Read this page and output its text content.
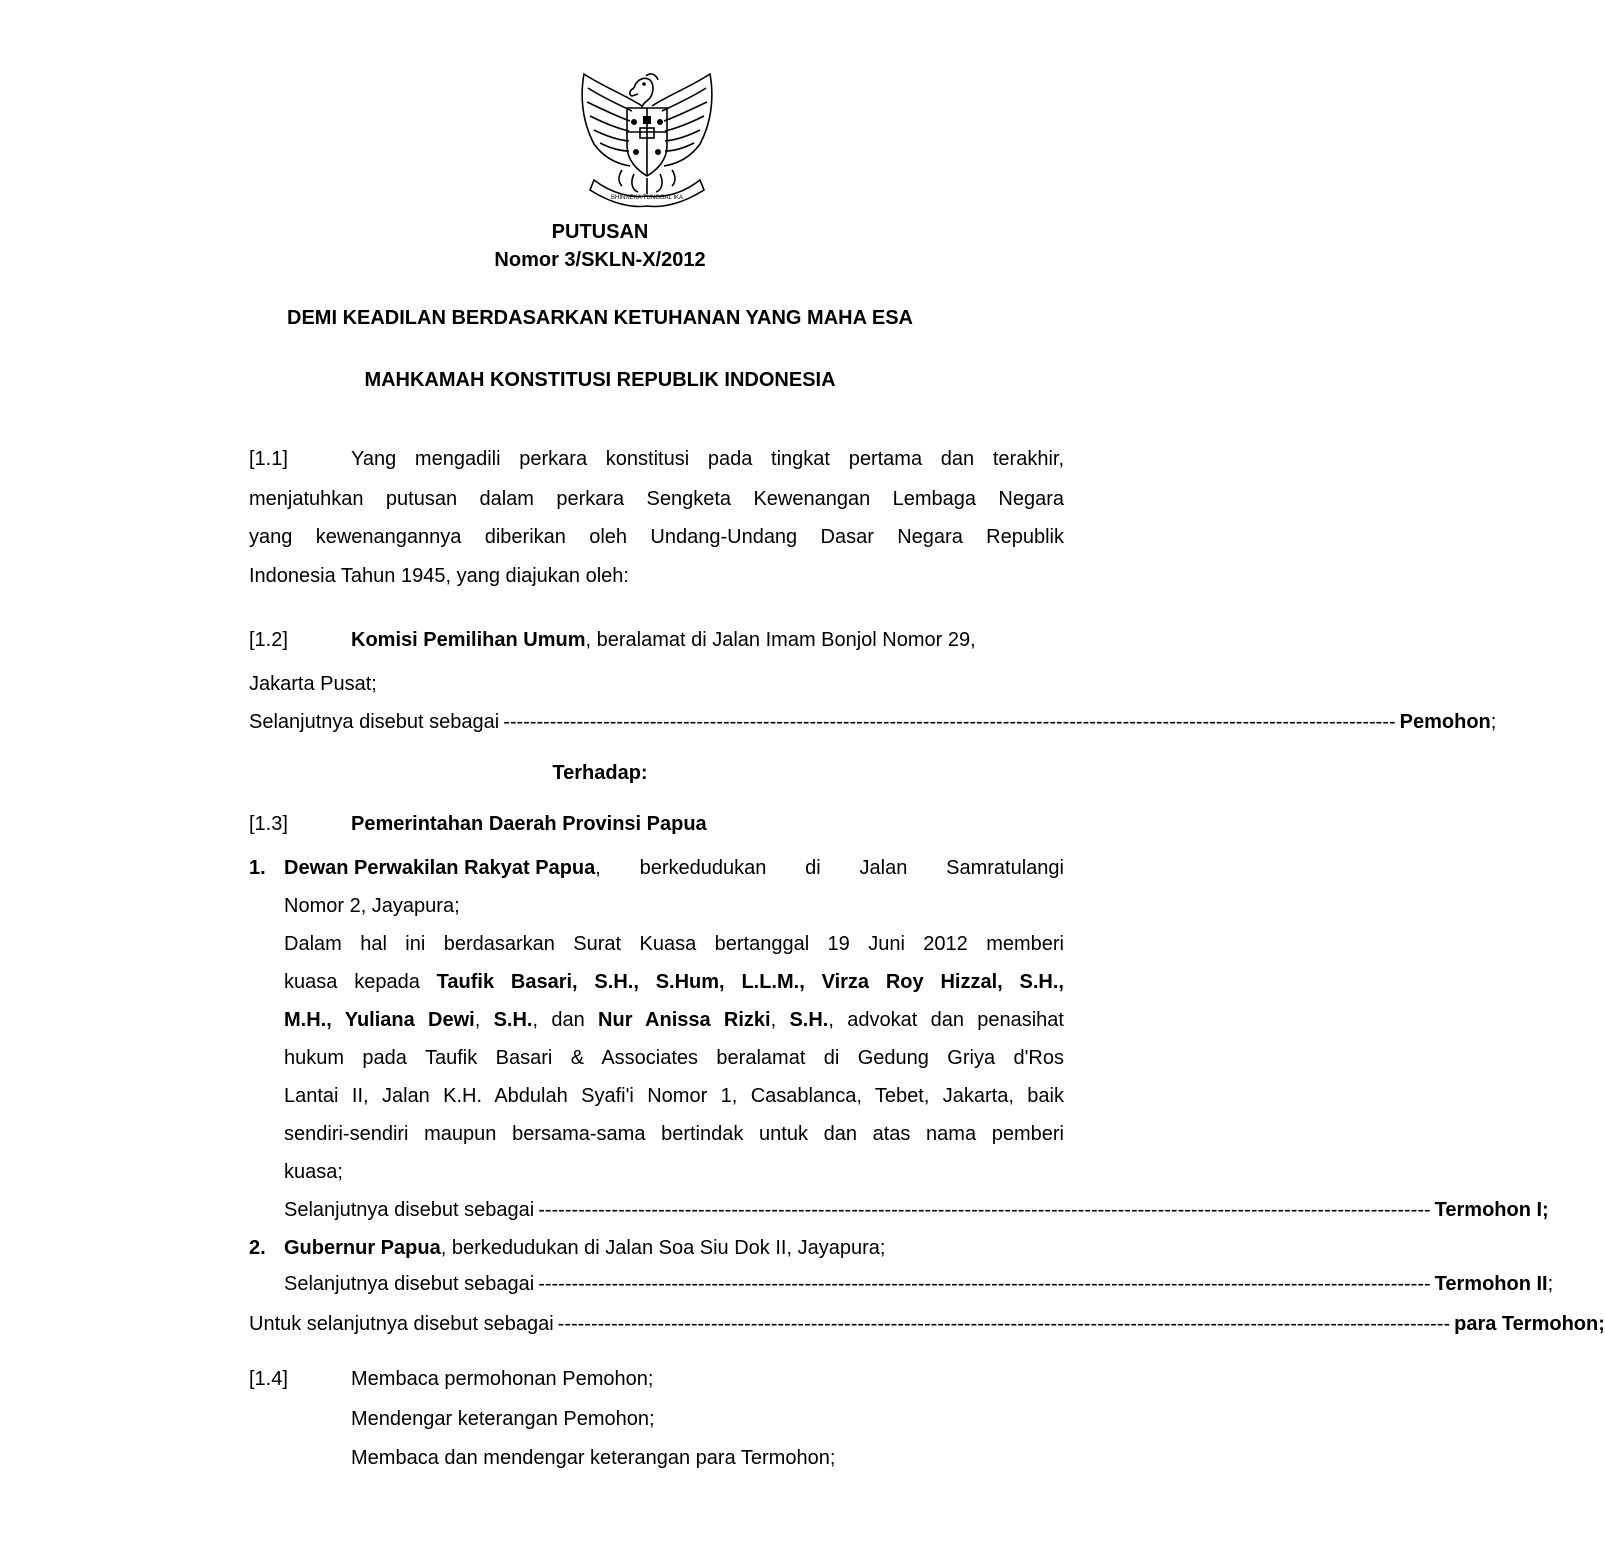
BHINNEKA TUNGGAL IKA
PUTUSAN
Nomor 3/SKLN-X/2012
DEMI KEADILAN BERDASARKAN KETUHANAN YANG MAHA ESA
MAHKAMAH KONSTITUSI REPUBLIK INDONESIA
[1.1]	Yang mengadili perkara konstitusi pada tingkat pertama dan terakhir,
menjatuhkan putusan dalam perkara Sengketa Kewenangan Lembaga Negara
yang kewenangannya diberikan oleh Undang-Undang Dasar Negara Republik
Indonesia Tahun 1945, yang diajukan oleh:
[1.2]	Komisi Pemilihan Umum, beralamat di Jalan Imam Bonjol Nomor 29,
Jakarta Pusat;
Selanjutnya disebut sebagai -------------------------------------------------------------------------------------------------------------------------------------- Pemohon;
Terhadap:
[1.3]	Pemerintahan Daerah Provinsi Papua
1. Dewan Perwakilan Rakyat Papua , berkedudukan di Jalan Samratulangi
Nomor 2, Jayapura;
Dalam hal ini berdasarkan Surat Kuasa bertanggal 19 Juni 2012 memberi
kuasa kepada Taufik Basari, S.H., S.Hum, L.L.M., Virza Roy Hizzal, S.H.,
M.H., Yuliana Dewi, S.H., dan Nur Anissa Rizki, S.H., advokat dan penasihat
hukum pada Taufik Basari & Associates beralamat di Gedung Griya d'Ros
Lantai II, Jalan K.H. Abdulah Syafi'i Nomor 1, Casablanca, Tebet, Jakarta, baik
sendiri-sendiri maupun bersama-sama bertindak untuk dan atas nama pemberi
kuasa;
Selanjutnya disebut sebagai -------------------------------------------------------------------------------------------------------------------------------------- Termohon I;
2. Gubernur Papua, berkedudukan di Jalan Soa Siu Dok II, Jayapura;
Selanjutnya disebut sebagai -------------------------------------------------------------------------------------------------------------------------------------- Termohon II;
Untuk selanjutnya disebut sebagai -------------------------------------------------------------------------------------------------------------------------------------- para Termohon;
[1.4]	Membaca permohonan Pemohon;
Mendengar keterangan Pemohon;
Membaca dan mendengar keterangan para Termohon;
